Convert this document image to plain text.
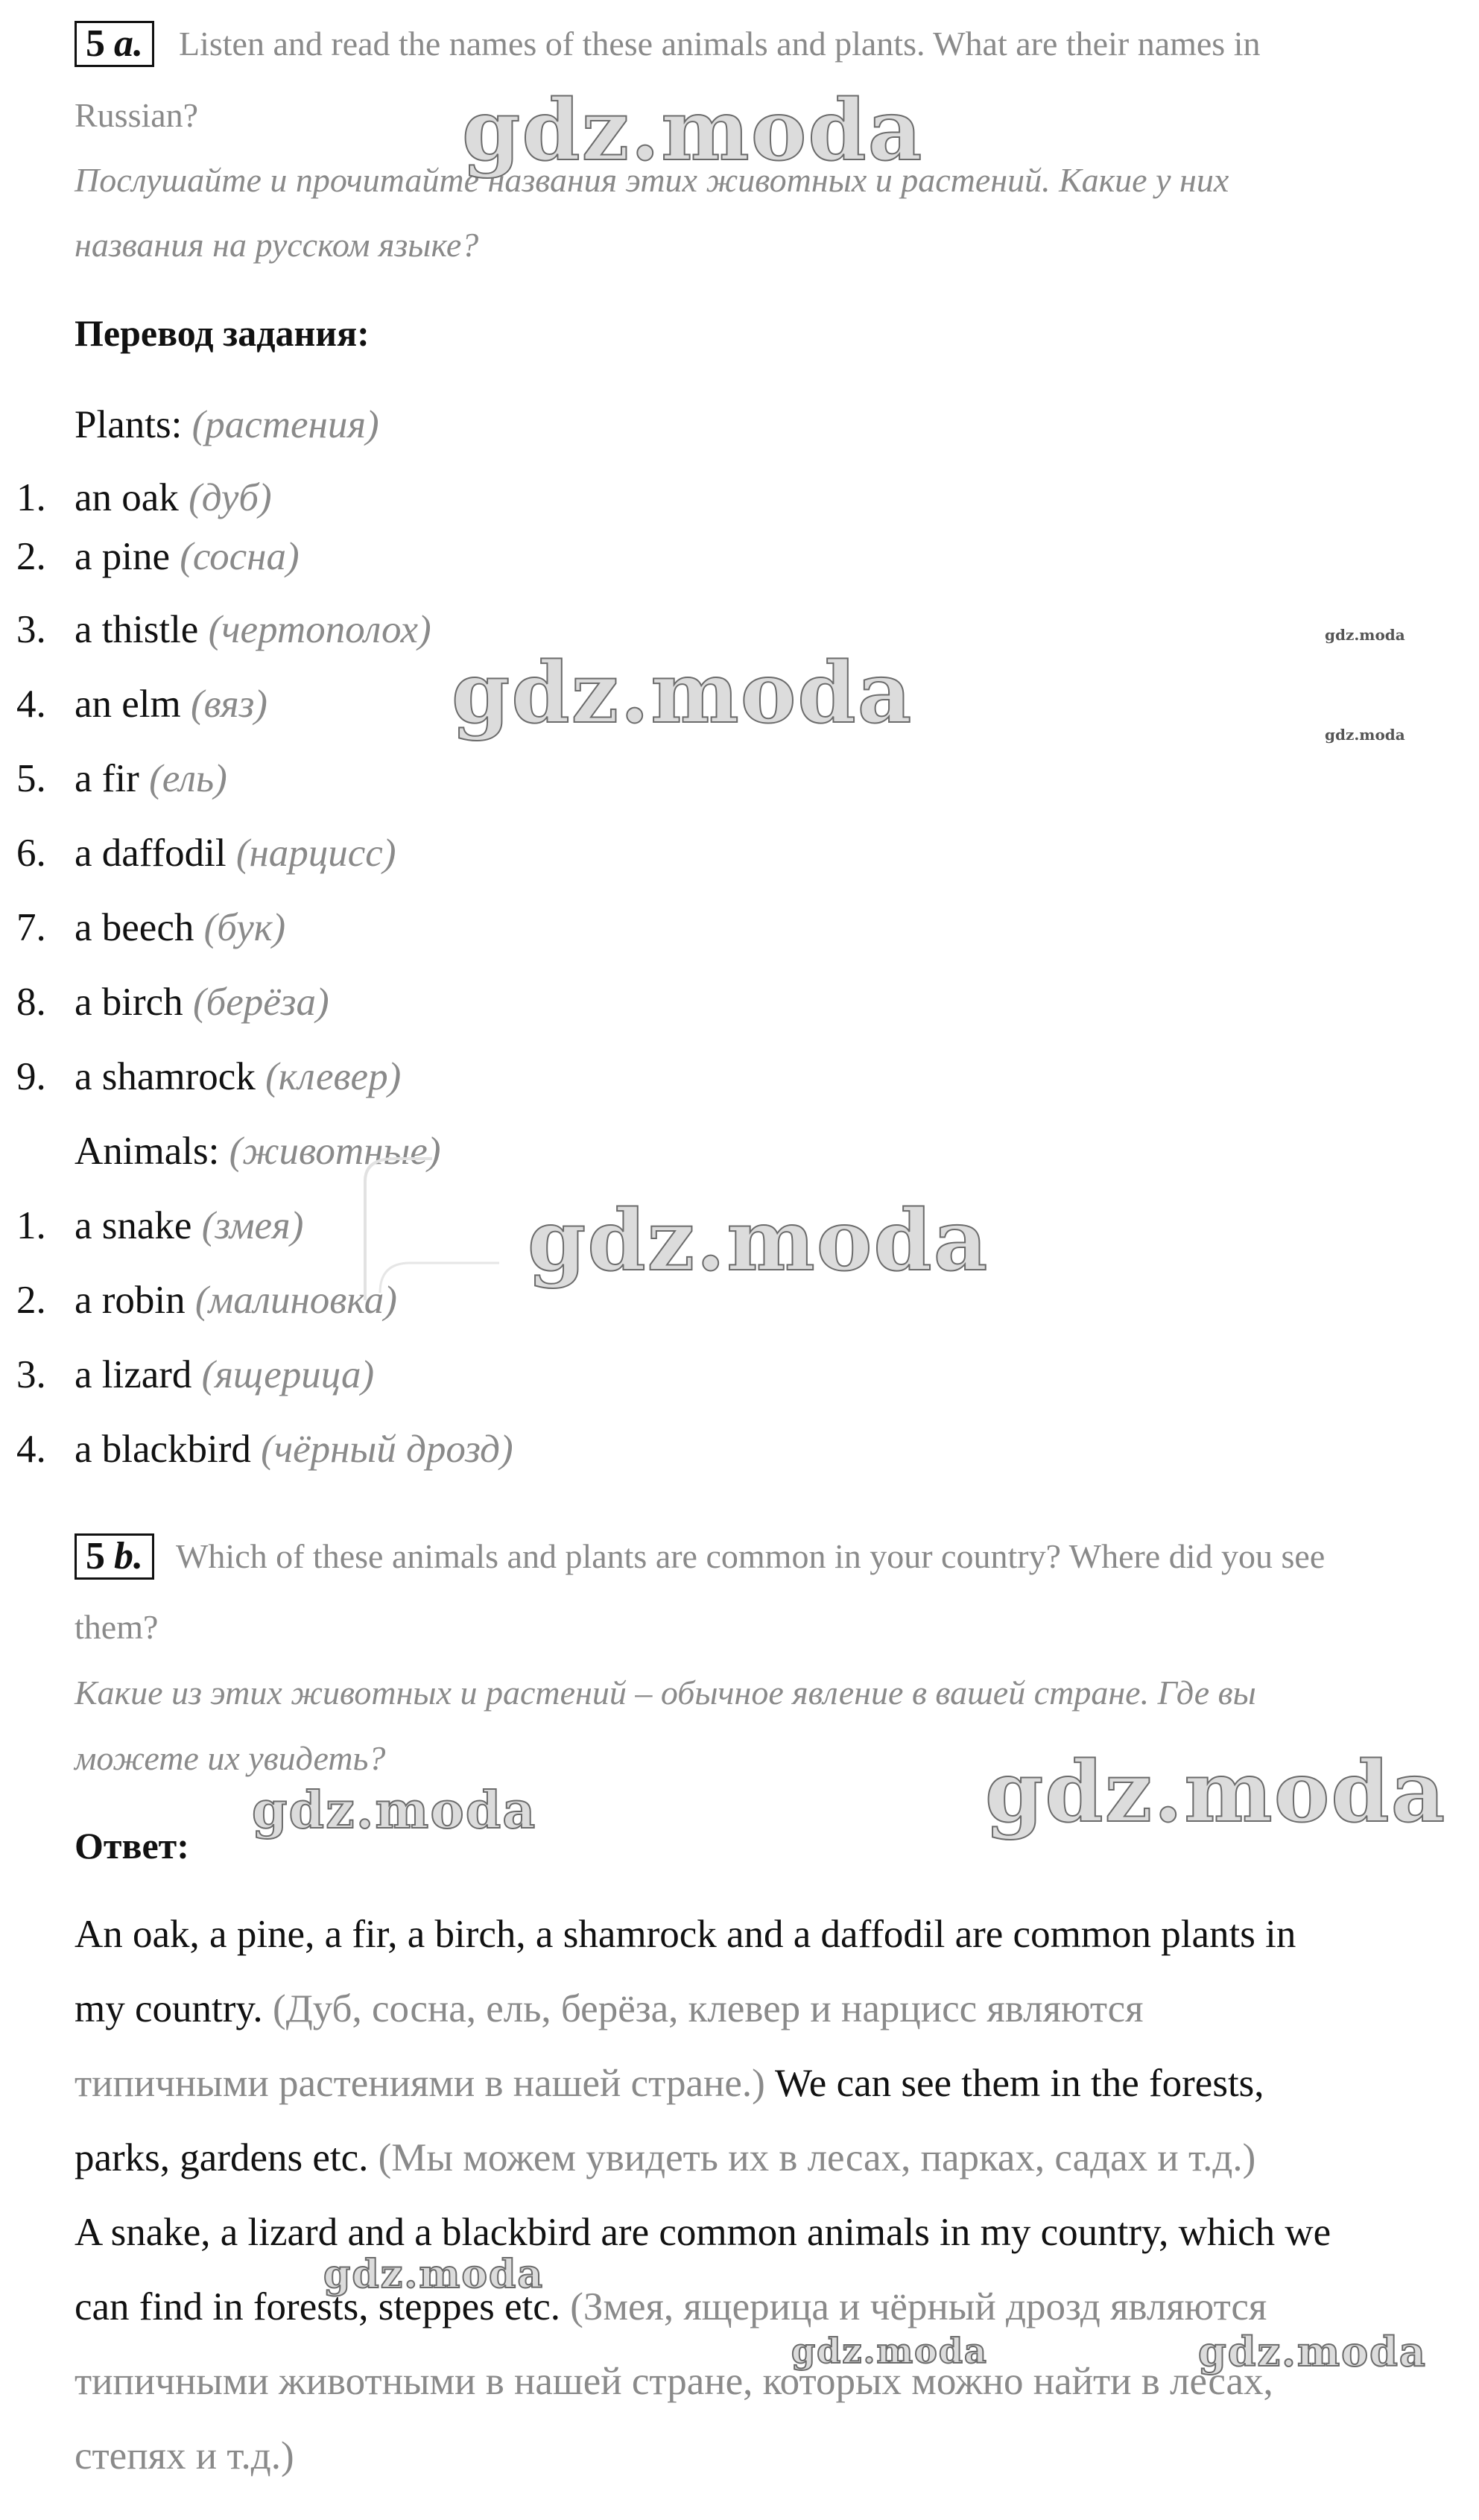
5 a. Listen and read the names of these animals and plants. What are their names in
Russian?
Послушайте и прочитайте названия этих животных и растений. Какие у них
названия на русском языке?
Перевод задания:
Plants: (растения)
1. an oak (дуб)
2. a pine (сосна)
3. a thistle (чертополох)
4. an elm (вяз)
5. a fir (ель)
6. a daffodil (нарцисс)
7. a beech (бук)
8. a birch (берёза)
9. a shamrock (клевер)
Animals: (животные)
1. a snake (змея)
2. a robin (малиновка)
3. a lizard (ящерица)
4. a blackbird (чёрный дрозд)
5 b. Which of these animals and plants are common in your country? Where did you see
them?
Какие из этих животных и растений – обычное явление в вашей стране. Где вы
можете их увидеть?
Ответ:
An oak, a pine, a fir, a birch, a shamrock and a daffodil are common plants in
my country. (Дуб, сосна, ель, берёза, клевер и нарцисс являются
типичными растениями в нашей стране.) We can see them in the forests,
parks, gardens etc. (Мы можем увидеть их в лесах, парках, садах и т.д.)
A snake, a lizard and a blackbird are common animals in my country, which we
can find in forests, steppes etc. (Змея, ящерица и чёрный дрозд являются
типичными животными в нашей стране, которых можно найти в лесах,
степях и т.д.)
gdz.moda
gdz.moda
gdz.moda
gdz.moda
gdz.moda
gdz.moda
gdz.moda	gdz.moda
gdz.moda
gdz.moda
